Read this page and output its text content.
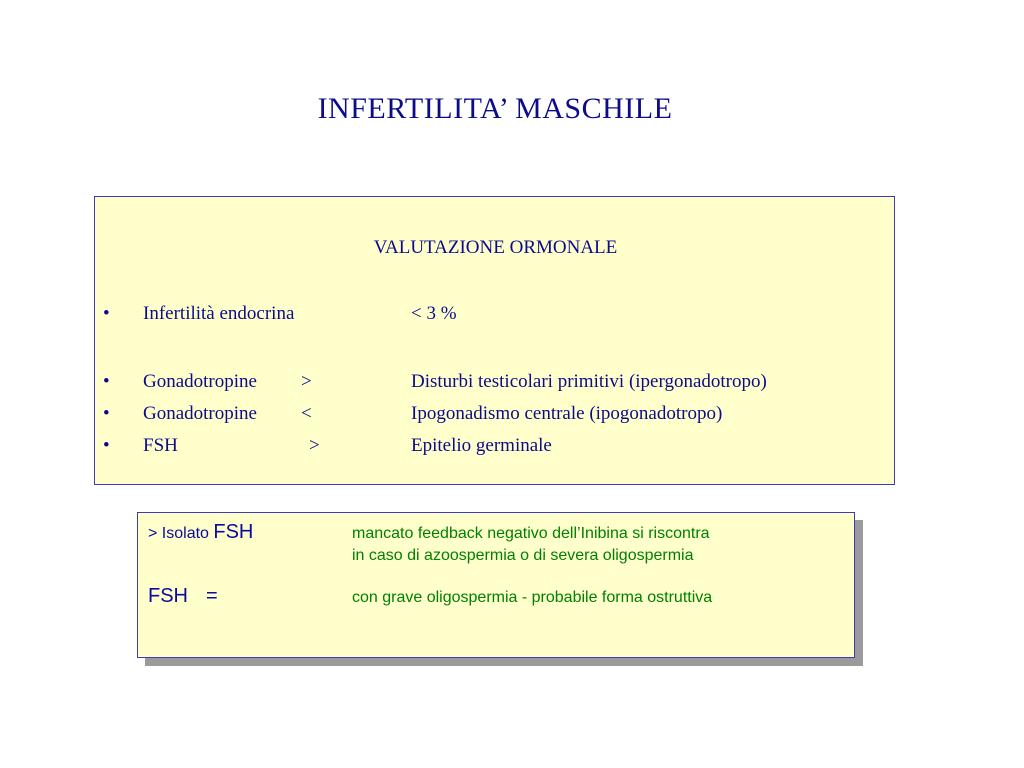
INFERTILITA’ MASCHILE
VALUTAZIONE ORMONALE
• Infertilità endocrina	< 3 %
• Gonadotropine >	Disturbi testicolari primitivi (ipergonadotropo)
• Gonadotropine <	Ipogonadismo centrale (ipogonadotropo)
• FSH	>	Epitelio germinale
> Isolato FSH	mancato feedback negativo dell’Inibina si riscontra
in caso di azoospermia o di severa oligospermia
FSH =	con grave oligospermia - probabile forma ostruttiva
